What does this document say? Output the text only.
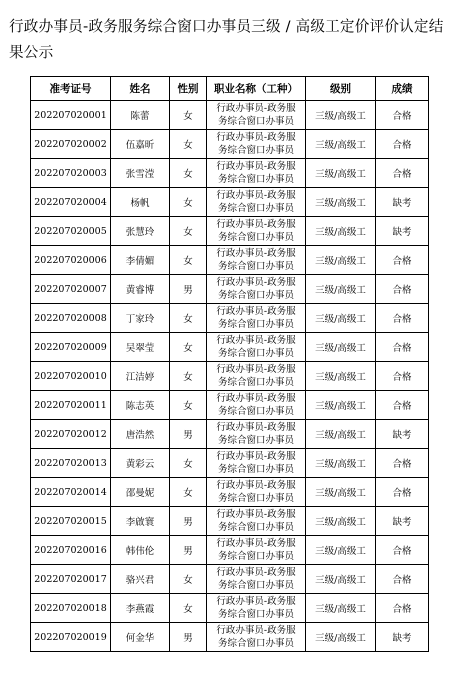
行政办事员-政务服务综合窗口办事员三级 / 高级工定价评价认定结果公示
准考证号	姓名	性别	职业名称（工种）	级别	成绩
202207020001	陈蕾	女	行政办事员-政务服
务综合窗口办事员	三级/高级工	合格
202207020002	伍嘉昕	女	行政办事员-政务服
务综合窗口办事员	三级/高级工	合格
202207020003	张雪滢	女	行政办事员-政务服
务综合窗口办事员	三级/高级工	合格
202207020004	杨帆	女	行政办事员-政务服
务综合窗口办事员	三级/高级工	缺考
202207020005	张慧玲	女	行政办事员-政务服
务综合窗口办事员	三级/高级工	缺考
202207020006	李倩媚	女	行政办事员-政务服
务综合窗口办事员	三级/高级工	合格
202207020007	黄睿博	男	行政办事员-政务服
务综合窗口办事员	三级/高级工	合格
202207020008	丁家玲	女	行政办事员-政务服
务综合窗口办事员	三级/高级工	合格
202207020009	吴翠莹	女	行政办事员-政务服
务综合窗口办事员	三级/高级工	合格
202207020010	江洁婷	女	行政办事员-政务服
务综合窗口办事员	三级/高级工	合格
202207020011	陈志英	女	行政办事员-政务服
务综合窗口办事员	三级/高级工	合格
202207020012	唐浩然	男	行政办事员-政务服
务综合窗口办事员	三级/高级工	缺考
202207020013	黄彩云	女	行政办事员-政务服
务综合窗口办事员	三级/高级工	合格
202207020014	邵曼妮	女	行政办事员-政务服
务综合窗口办事员	三级/高级工	合格
202207020015	李啟寰	男	行政办事员-政务服
务综合窗口办事员	三级/高级工	缺考
202207020016	韩伟伦	男	行政办事员-政务服
务综合窗口办事员	三级/高级工	合格
202207020017	骆兴君	女	行政办事员-政务服
务综合窗口办事员	三级/高级工	合格
202207020018	李燕霞	女	行政办事员-政务服
务综合窗口办事员	三级/高级工	合格
202207020019	何金华	男	行政办事员-政务服
务综合窗口办事员	三级/高级工	缺考
